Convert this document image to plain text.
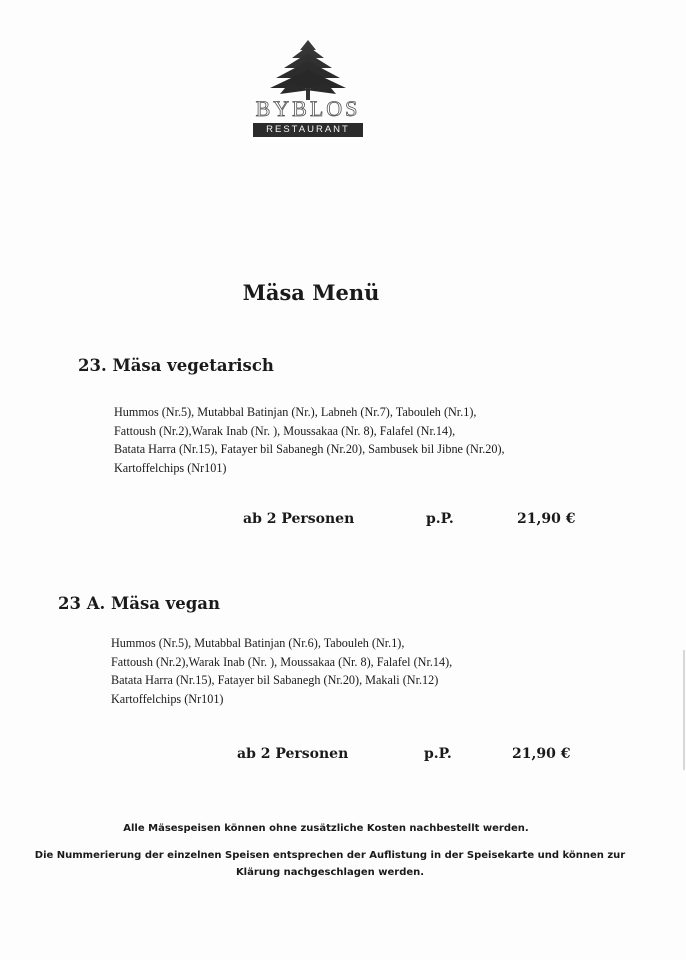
BYBLOS
RESTAURANT
Mäsa Menü
23. Mäsa vegetarisch
Hummos (Nr.5), Mutabbal Batinjan (Nr.), Labneh (Nr.7), Tabouleh (Nr.1),
Fattoush (Nr.2),Warak Inab (Nr. ), Moussakaa (Nr. 8), Falafel (Nr.14),
Batata Harra (Nr.15), Fatayer bil Sabanegh (Nr.20), Sambusek bil Jibne (Nr.20),
Kartoffelchips (Nr101)
ab 2 Personen	p.P.	21,90 €
23 A. Mäsa vegan
Hummos (Nr.5), Mutabbal Batinjan (Nr.6), Tabouleh (Nr.1),
Fattoush (Nr.2),Warak Inab (Nr. ), Moussakaa (Nr. 8), Falafel (Nr.14),
Batata Harra (Nr.15), Fatayer bil Sabanegh (Nr.20), Makali (Nr.12)
Kartoffelchips (Nr101)
ab 2 Personen	p.P.	21,90 €
Alle Mäsespeisen können ohne zusätzliche Kosten nachbestellt werden.
Die Nummerierung der einzelnen Speisen entsprechen der Auflistung in der Speisekarte und können zur
Klärung nachgeschlagen werden.
